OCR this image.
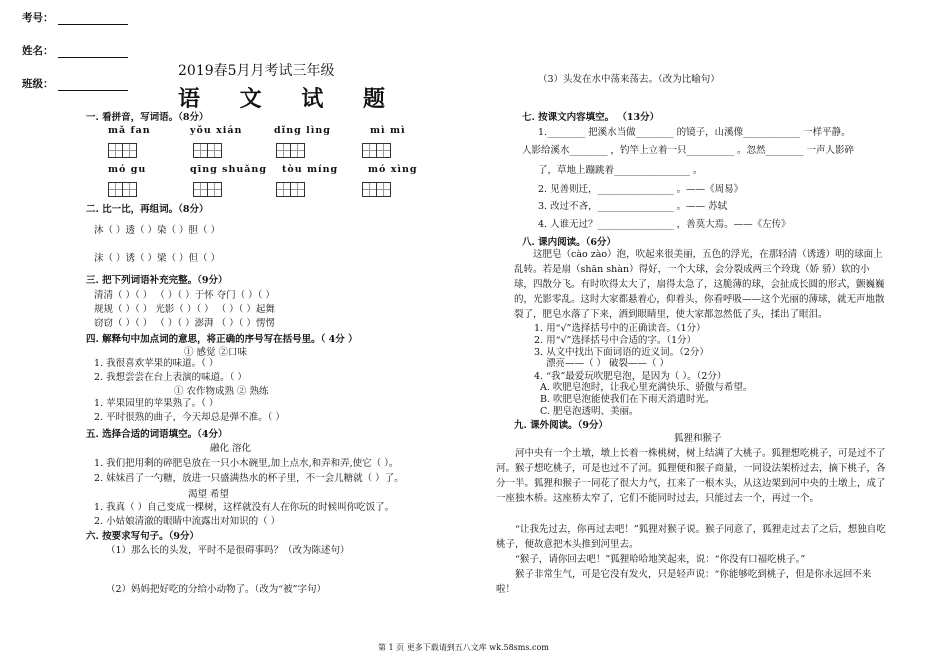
考号：
姓名：
班级：
2019春5月月考试三年级
语 文 试 题
一. 看拼音，写词语。（8分）
二. 比一比，再组词。（8分）
沐（ ）透（ ）染（ ）胆（ ）
沫（ ）诱（ ）梁（ ）但（ ）
三. 把下列词语补充完整。（9分）
清清（ ）（ ） （ ）（ ）于怀 夺门（ ）（ ）
规规（ ）（ ） 光影（ ）（ ） （ ）（ ）起舞
窃窃（ ）（ ） （ ）（ ）澎湃 （ ）（ ）愣愣
四. 解释句中加点词的意思，将正确的序号写在括号里。（ 4分 ）
① 感觉 ②口味
1. 我很喜欢苹果的味道。（ ）
2. 我想尝尝在台上表演的味道。（ ）
① 农作物成熟 ② 熟练
1. 苹果园里的苹果熟了。（ ）
2. 平时很熟的曲子，今天却总是弹不准。（ ）
五. 选择合适的词语填空。（4分）
融化 溶化
1. 我们把用剩的碎肥皂放在一只小木碗里,加上点水,和弄和弄,使它（ ）。
2. 妹妹舀了一勺糖，放进一只盛满热水的杯子里，不一会儿糖就（ ）了。
渴望 希望
1. 我真（ ）自己变成一棵树，这样就没有人在你玩的时候叫你吃饭了。
2. 小姑娘清澈的眼睛中流露出对知识的（ ）
六. 按要求写句子。（9分）
（1）那么长的头发，平时不是很碍事吗？（改为陈述句）
（2）妈妈把好吃的分给小动物了。（改为“被”字句）
mǎ fan	yǒu xián	dǐng lìng	mì mì
mó gu	qīng shuǎng tòu míng	mó xìng
（3）头发在水中荡来荡去。（改为比喻句）
七. 按课文内容填空。 （13分）
1.________ 把溪水当做________ 的镜子，山溪像____________ 一样平静。
人影给溪水________ ，钓竿上立着一只__________ 。忽然________ 一声人影碎
了，草地上蹦跳着________________ 。
2. 见善则迁，________________ 。——《周易》
3. 改过不吝，________________ 。—— 苏轼
4. 人谁无过？________________ ，善莫大焉。——《左传》
八. 课内阅读。（6分）
1. 用“√”选择括号中的正确读音。（1分）
2. 用“√”选择括号中合适的字。（1分）
3. 从文中找出下面词语的近义词。（2分）
漂亮——（ ） 破裂——（ ）
4. “我”最爱玩吹肥皂泡，是因为（ ）。（2分）
A. 吹肥皂泡时，让我心里充满快乐、骄傲与希望。
B. 吹肥皂泡能使我们在下雨天消遣时光。
C. 肥皂泡透明、美丽。
九. 课外阅读。（9分）
狐狸和猴子
这肥皂（cào zào）泡，吹起来很美丽，五色的浮光，在那轻清（诱透）明的球面上乱转。若是扇（shān shàn）得好，一个大球，会分裂成两三个玲珑（娇 骄）软的小球，四散分飞。有时吹得太大了，扇得太急了，这脆薄的球，会扯成长圆的形式，颤巍巍的，光影零乱。这时大家都悬着心，仰着头，你看呼吸——这个光丽的薄球，就无声地散裂了，肥皂水落了下来，洒到眼睛里，使大家都忽然低了头，揉出了眼泪。
河中央有一个土墩，墩上长着一株桃树，树上结满了大桃子。狐狸想吃桃子，可是过不了河。猴子想吃桃子，可是也过不了河。狐狸便和猴子商量，一同设法架桥过去，摘下桃子，各分一半。狐狸和猴子一同花了很大力气，扛来了一根木头，从这边架到河中央的土墩上，成了一座独木桥。这座桥太窄了，它们不能同时过去，只能过去一个，再过一个。
“让我先过去，你再过去吧！”狐狸对猴子说。猴子同意了，狐狸走过去了之后，想独自吃桃子，便故意把木头推到河里去。
“猴子，请你回去吧！”狐狸哈哈地笑起来，说：“你没有口福吃桃子。”
猴子非常生气，可是它没有发火，只是轻声说：“你能够吃到桃子，但是你永远回不来啦！
第 1 页 更多下载请到五八文库 wk.58sms.com
